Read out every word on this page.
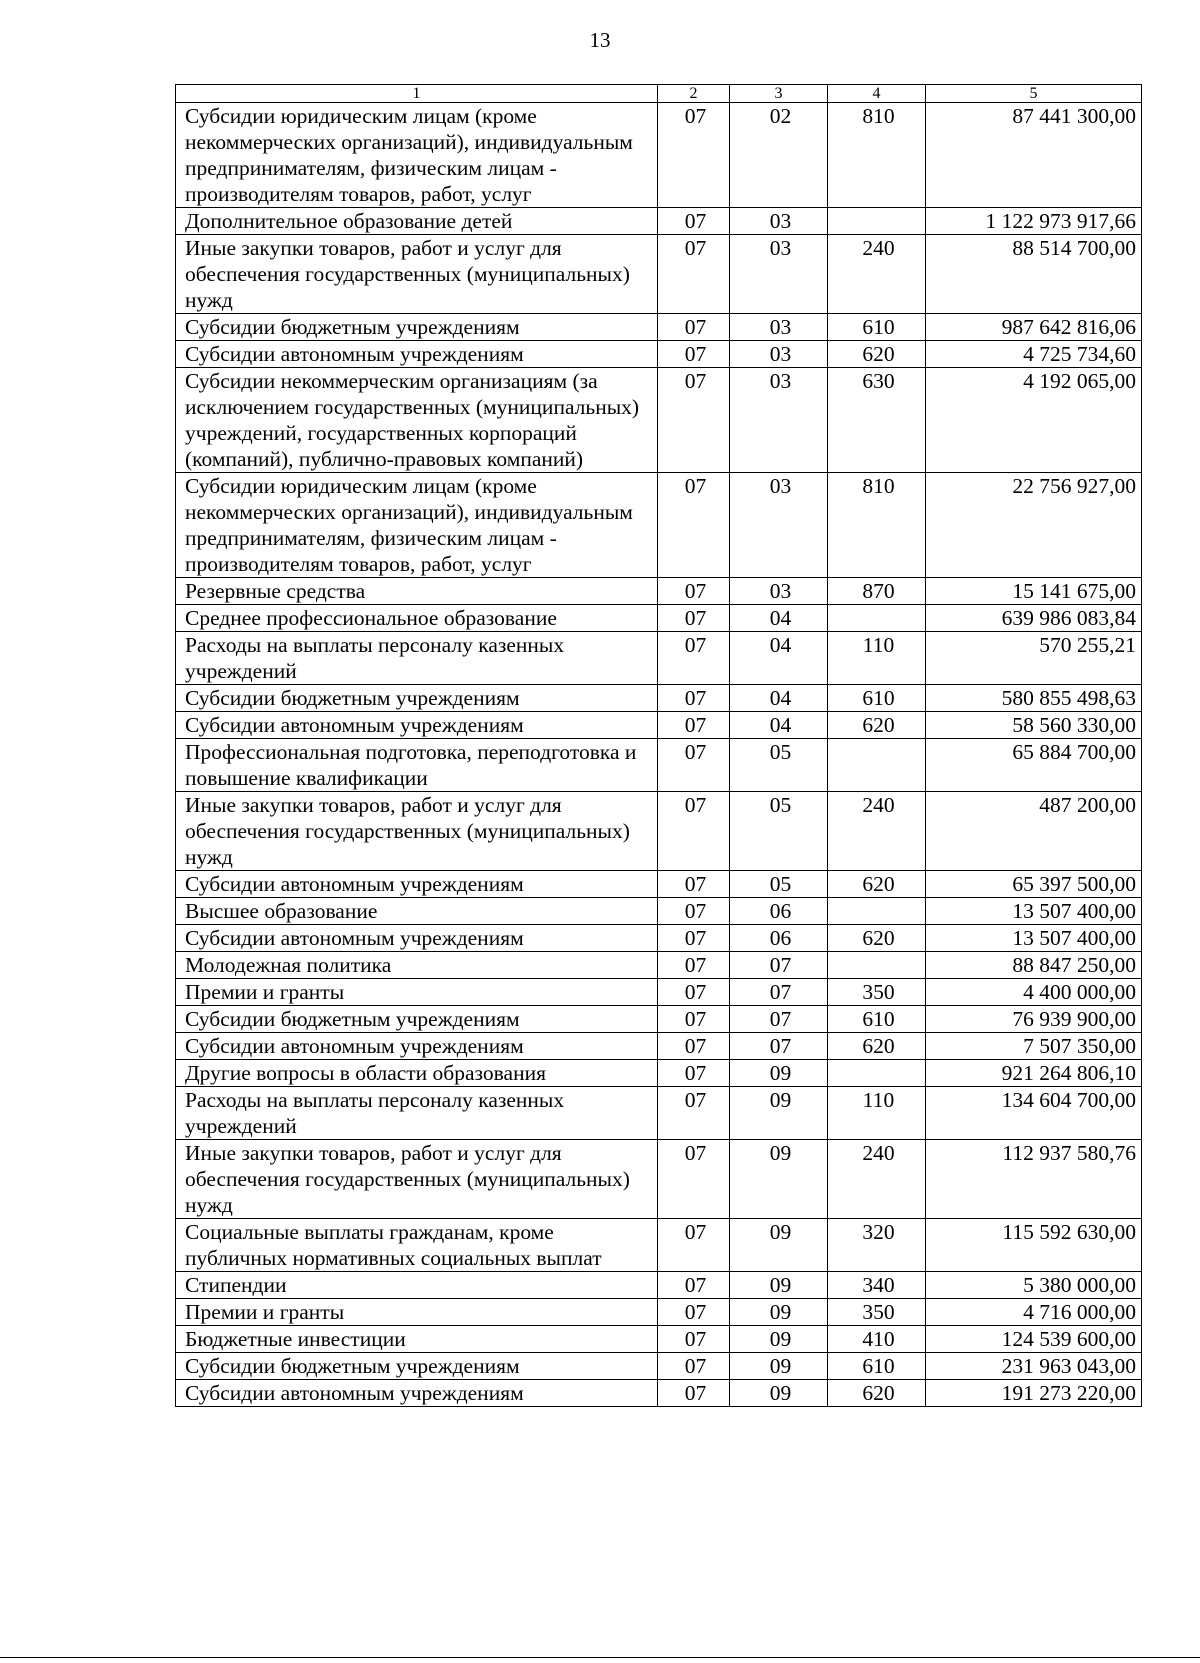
13
1	2	3	4	5
Субсидии юридическим лицам (кроме некоммерческих организаций), индивидуальным предпринимателям, физическим лицам - производителям товаров, работ, услуг	07	02	810	87 441 300,00
Дополнительное образование детей	07	03		1 122 973 917,66
Иные закупки товаров, работ и услуг для обеспечения государственных (муниципальных) нужд	07	03	240	88 514 700,00
Субсидии бюджетным учреждениям	07	03	610	987 642 816,06
Субсидии автономным учреждениям	07	03	620	4 725 734,60
Субсидии некоммерческим организациям (за исключением государственных (муниципальных) учреждений, государственных корпораций (компаний), публично-правовых компаний)	07	03	630	4 192 065,00
Субсидии юридическим лицам (кроме некоммерческих организаций), индивидуальным предпринимателям, физическим лицам - производителям товаров, работ, услуг	07	03	810	22 756 927,00
Резервные средства	07	03	870	15 141 675,00
Среднее профессиональное образование	07	04		639 986 083,84
Расходы на выплаты персоналу казенных учреждений	07	04	110	570 255,21
Субсидии бюджетным учреждениям	07	04	610	580 855 498,63
Субсидии автономным учреждениям	07	04	620	58 560 330,00
Профессиональная подготовка, переподготовка и повышение квалификации	07	05		65 884 700,00
Иные закупки товаров, работ и услуг для обеспечения государственных (муниципальных) нужд	07	05	240	487 200,00
Субсидии автономным учреждениям	07	05	620	65 397 500,00
Высшее образование	07	06		13 507 400,00
Субсидии автономным учреждениям	07	06	620	13 507 400,00
Молодежная политика	07	07		88 847 250,00
Премии и гранты	07	07	350	4 400 000,00
Субсидии бюджетным учреждениям	07	07	610	76 939 900,00
Субсидии автономным учреждениям	07	07	620	7 507 350,00
Другие вопросы в области образования	07	09		921 264 806,10
Расходы на выплаты персоналу казенных учреждений	07	09	110	134 604 700,00
Иные закупки товаров, работ и услуг для обеспечения государственных (муниципальных) нужд	07	09	240	112 937 580,76
Социальные выплаты гражданам, кроме публичных нормативных социальных выплат	07	09	320	115 592 630,00
Стипендии	07	09	340	5 380 000,00
Премии и гранты	07	09	350	4 716 000,00
Бюджетные инвестиции	07	09	410	124 539 600,00
Субсидии бюджетным учреждениям	07	09	610	231 963 043,00
Субсидии автономным учреждениям	07	09	620	191 273 220,00
